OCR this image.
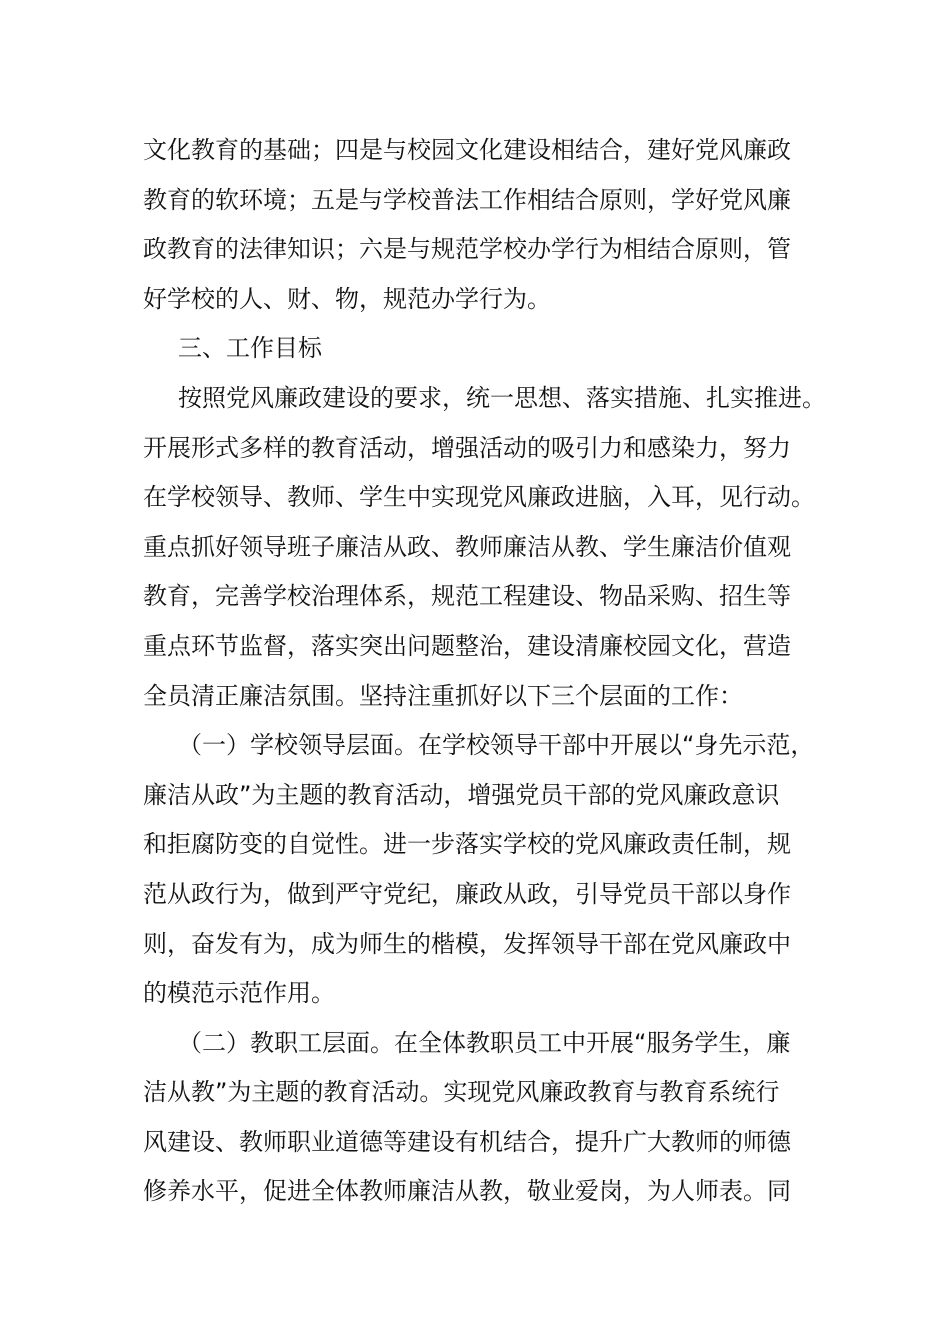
文化教育的基础；四是与校园文化建设相结合，建好党风廉政
教育的软环境；五是与学校普法工作相结合原则，学好党风廉
政教育的法律知识；六是与规范学校办学行为相结合原则，管
好学校的人、财、物，规范办学行为。
三、工作目标
按照党风廉政建设的要求，统一思想、落实措施、扎实推进。
开展形式多样的教育活动，增强活动的吸引力和感染力，努力
在学校领导、教师、学生中实现党风廉政进脑，入耳，见行动。
重点抓好领导班子廉洁从政、教师廉洁从教、学生廉洁价值观
教育，完善学校治理体系，规范工程建设、物品采购、招生等
重点环节监督，落实突出问题整治，建设清廉校园文化，营造
全员清正廉洁氛围。坚持注重抓好以下三个层面的工作：
（一）学校领导层面。在学校领导干部中开展以“身先示范，
廉洁从政”为主题的教育活动，增强党员干部的党风廉政意识
和拒腐防变的自觉性。进一步落实学校的党风廉政责任制，规
范从政行为，做到严守党纪，廉政从政，引导党员干部以身作
则，奋发有为，成为师生的楷模，发挥领导干部在党风廉政中
的模范示范作用。
（二）教职工层面。在全体教职员工中开展“服务学生，廉
洁从教”为主题的教育活动。实现党风廉政教育与教育系统行
风建设、教师职业道德等建设有机结合，提升广大教师的师德
修养水平，促进全体教师廉洁从教，敬业爱岗，为人师表。同
